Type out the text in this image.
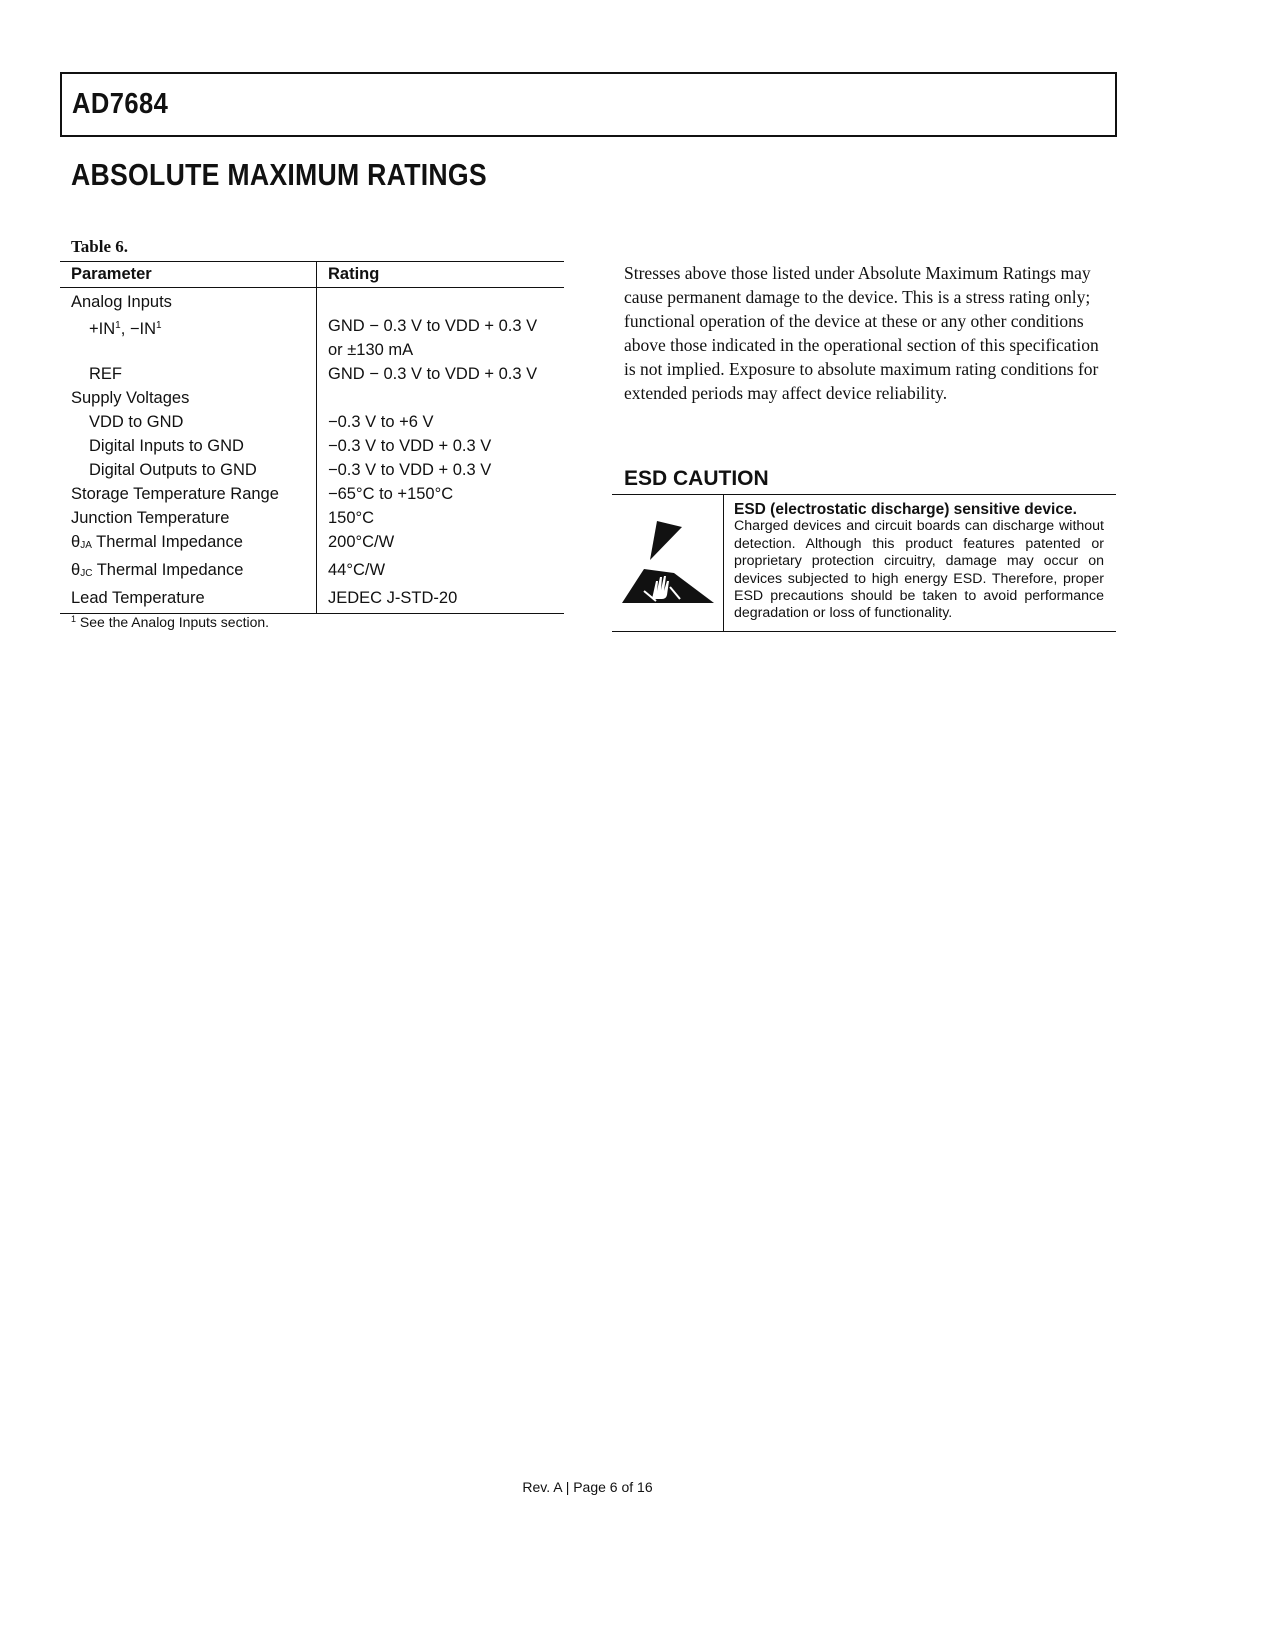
AD7684
ABSOLUTE MAXIMUM RATINGS
Table 6.
Parameter	Rating
Analog Inputs	
$+IN^1$, $-IN^1$	GND − 0.3 V to VDD + 0.3 V
or ±130 mA

REF	GND − 0.3 V to VDD + 0.3 V
Supply Voltages	
VDD to GND	−0.3 V to +6 V
Digital Inputs to GND	−0.3 V to VDD + 0.3 V
Digital Outputs to GND	−0.3 V to VDD + 0.3 V
Storage Temperature Range	−65°C to +150°C
Junction Temperature	150°C
$\theta_{JA}$ Thermal Impedance	200°C/W
$\theta_{JC}$ Thermal Impedance	44°C/W
Lead Temperature	JEDEC J-STD-20
$^1$ See the Analog Inputs section.
Stresses above those listed under Absolute Maximum Ratings may cause permanent damage to the device. This is a stress rating only; functional operation of the device at these or any other conditions above those indicated in the operational section of this specification is not implied. Exposure to absolute maximum rating conditions for extended periods may affect device reliability.
ESD CAUTION
ESD (electrostatic discharge) sensitive device.
Charged devices and circuit boards can discharge without detection. Although this product features patented or proprietary protection circuitry, damage may occur on devices subjected to high energy ESD. Therefore, proper ESD precautions should be taken to avoid performance degradation or loss of functionality.
Rev. A | Page 6 of 16
